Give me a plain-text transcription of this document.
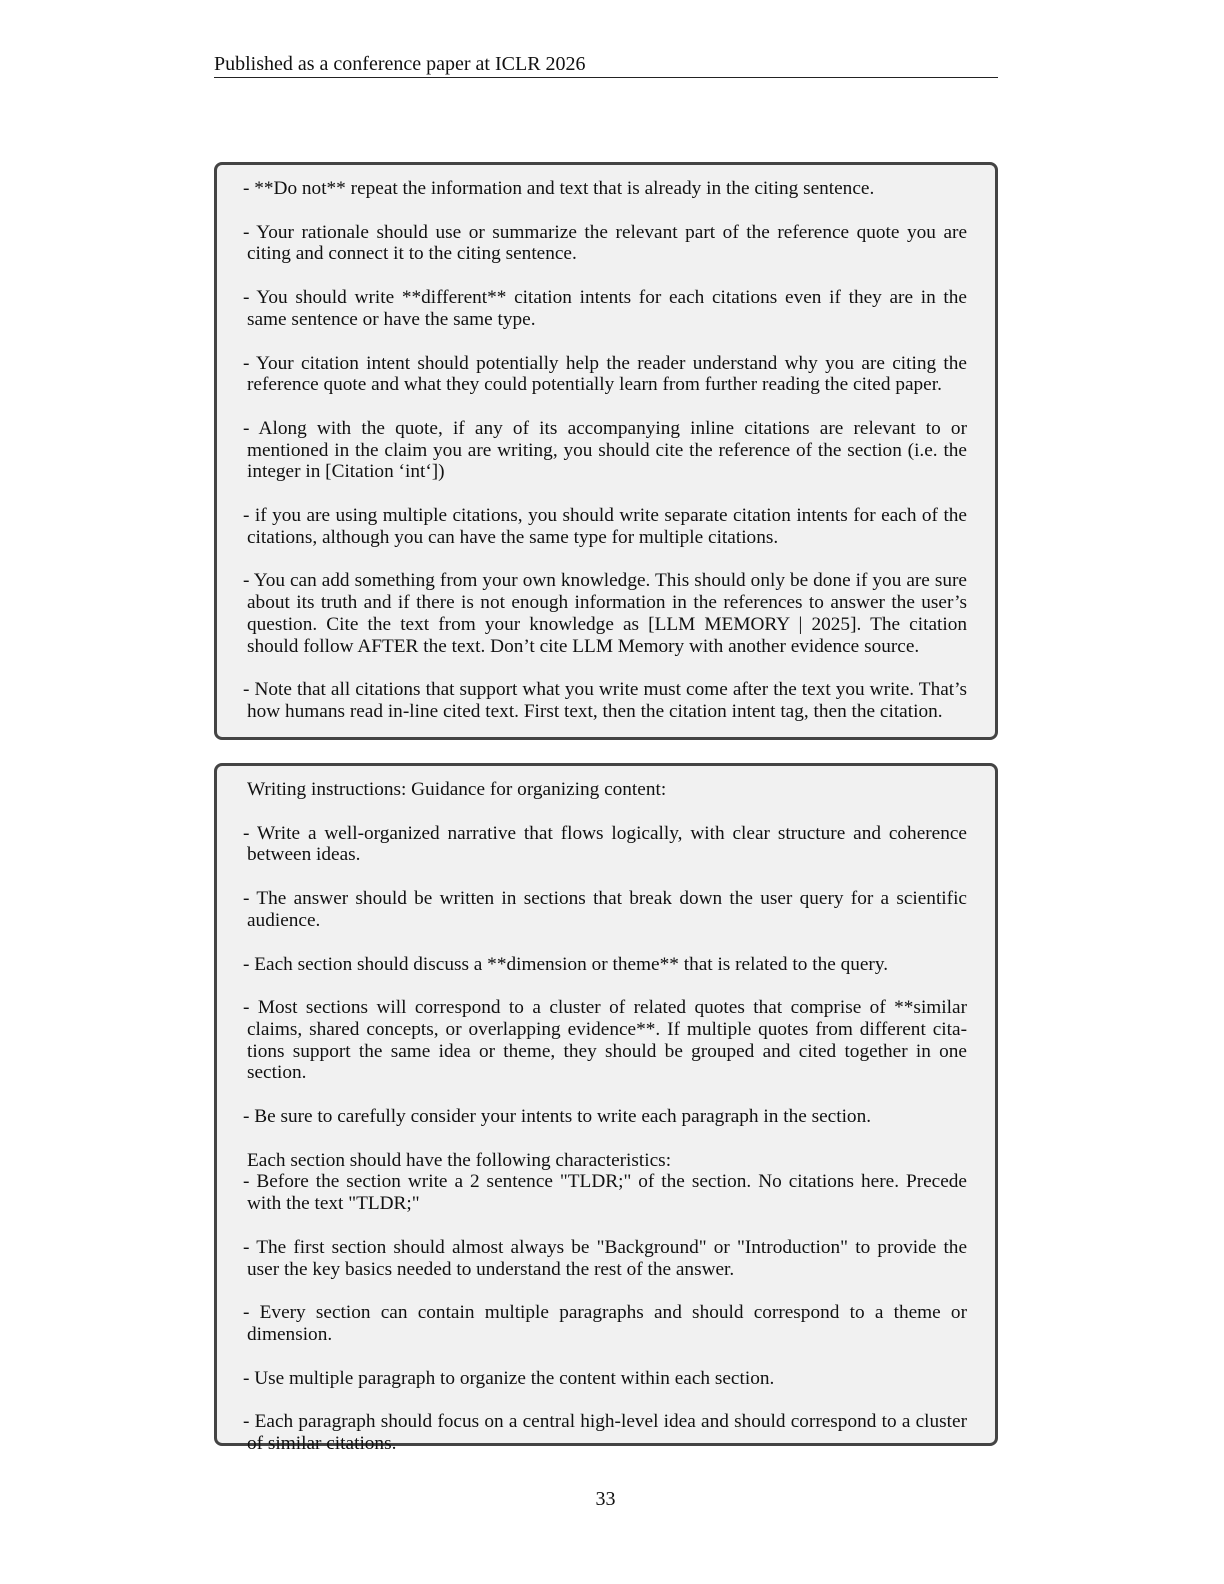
Published as a conference paper at ICLR 2026

- **Do not** repeat the information and text that is already in the citing sentence.

- Your rationale should use or summarize the relevant part of the reference quote you are citing and connect it to the citing sentence.

- You should write **different** citation intents for each citations even if they are in the same sentence or have the same type.

- Your citation intent should potentially help the reader understand why you are citing the reference quote and what they could potentially learn from further reading the cited paper.

- Along with the quote, if any of its accompanying inline citations are relevant to or mentioned in the claim you are writing, you should cite the reference of the section (i.e. the integer in [Citation ‘int‘])

- if you are using multiple citations, you should write separate citation intents for each of the citations, although you can have the same type for multiple citations.

- You can add something from your own knowledge. This should only be done if you are sure about its truth and if there is not enough information in the references to answer the user’s question. Cite the text from your knowledge as [LLM MEMORY | 2025]. The citation should follow AFTER the text. Don’t cite LLM Memory with another evidence source.

- Note that all citations that support what you write must come after the text you write. That’s how humans read in-line cited text. First text, then the citation intent tag, then the citation.

Writing instructions: Guidance for organizing content:

- Write a well-organized narrative that flows logically, with clear structure and coherence between ideas.

- The answer should be written in sections that break down the user query for a scientific audience.

- Each section should discuss a **dimension or theme** that is related to the query.

- Most sections will correspond to a cluster of related quotes that comprise of **similar claims, shared concepts, or overlapping evidence**. If multiple quotes from different cita-tions support the same idea or theme, they should be grouped and cited together in one section.

- Be sure to carefully consider your intents to write each paragraph in the section.

Each section should have the following characteristics:

- Before the section write a 2 sentence "TLDR;" of the section. No citations here. Precede with the text "TLDR;"

- The first section should almost always be "Background" or "Introduction" to provide the user the key basics needed to understand the rest of the answer.

- Every section can contain multiple paragraphs and should correspond to a theme or dimension.

- Use multiple paragraph to organize the content within each section.

- Each paragraph should focus on a central high-level idea and should correspond to a cluster of similar citations.

33
